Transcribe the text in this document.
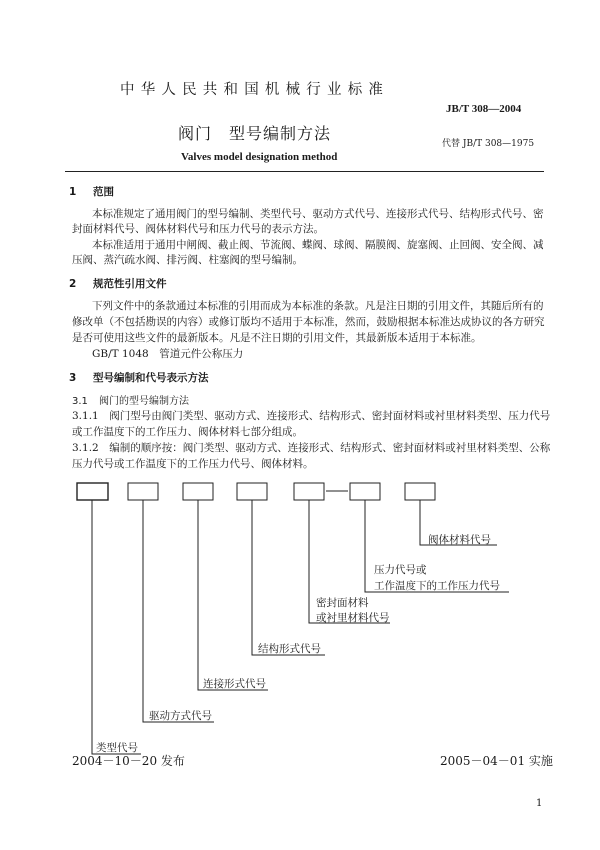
中华人民共和国机械行业标准
JB/T 308—2004
阀门　型号编制方法
代替 JB/T 308—1975
Valves model designation method
1 范围
本标准规定了通用阀门的型号编制、类型代号、驱动方式代号、连接形式代号、结构形式代号、密
封面材料代号、阀体材料代号和压力代号的表示方法。
本标准适用于通用中闸阀、截止阀、节流阀、蝶阀、球阀、隔膜阀、旋塞阀、止回阀、安全阀、减
压阀、蒸汽疏水阀、排污阀、柱塞阀的型号编制。
2 规范性引用文件
下列文件中的条款通过本标准的引用而成为本标准的条款。凡是注日期的引用文件，其随后所有的
修改单（不包括勘误的内容）或修订版均不适用于本标准，然而，鼓励根据本标准达成协议的各方研究
是否可使用这些文件的最新版本。凡是不注日期的引用文件，其最新版本适用于本标准。
GB/T 1048　管道元件公称压力
3 型号编制和代号表示方法
3.1 阀门的型号编制方法
3.1.1　阀门型号由阀门类型、驱动方式、连接形式、结构形式、密封面材料或衬里材料类型、压力代号
或工作温度下的工作压力、阀体材料七部分组成。
3.1.2　编制的顺序按：阀门类型、驱动方式、连接形式、结构形式、密封面材料或衬里材料类型、公称
压力代号或工作温度下的工作压力代号、阀体材料。
阀体材料代号
压力代号或
工作温度下的工作压力代号
密封面材料
或衬里材料代号
结构形式代号
连接形式代号
驱动方式代号
类型代号
2004－10－20 发布	2005－04－01 实施
1
